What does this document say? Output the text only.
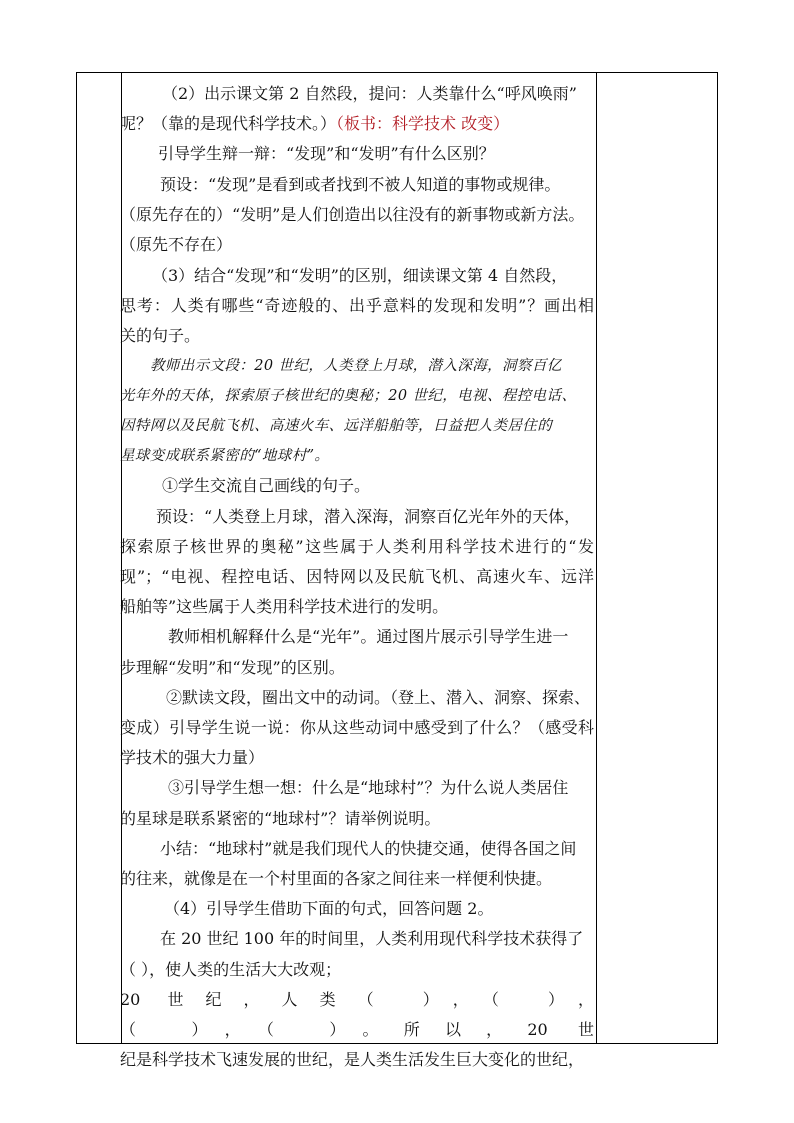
（2）出示课文第 2 自然段，提问：人类靠什么“呼风唤雨”
呢？（靠的是现代科学技术。）（板书：科学技术 改变）
引导学生辩一辩：“发现”和“发明”有什么区别？
预设：“发现”是看到或者找到不被人知道的事物或规律。
（原先存在的）“发明”是人们创造出以往没有的新事物或新方法。
（原先不存在）
（3）结合“发现”和“发明”的区别，细读课文第 4 自然段，
思考：人类有哪些“奇迹般的、出乎意料的发现和发明”？画出相
关的句子。
教师出示文段：20 世纪，人类登上月球，潜入深海，洞察百亿
光年外的天体，探索原子核世纪的奥秘；20 世纪，电视、程控电话、
因特网以及民航飞机、高速火车、远洋船舶等，日益把人类居住的
星球变成联系紧密的“地球村”。
①学生交流自己画线的句子。
预设：“人类登上月球，潜入深海，洞察百亿光年外的天体，
探索原子核世界的奥秘”这些属于人类利用科学技术进行的“发
现”；“电视、程控电话、因特网以及民航飞机、高速火车、远洋
船舶等”这些属于人类用科学技术进行的发明。
教师相机解释什么是“光年”。通过图片展示引导学生进一
步理解“发明”和“发现”的区别。
②默读文段，圈出文中的动词。（登上、潜入、洞察、探索、
变成）引导学生说一说：你从这些动词中感受到了什么？（感受科
学技术的强大力量）
③引导学生想一想：什么是“地球村”？为什么说人类居住
的星球是联系紧密的“地球村”？请举例说明。
小结：“地球村”就是我们现代人的快捷交通，使得各国之间
的往来，就像是在一个村里面的各家之间往来一样便利快捷。
（4）引导学生借助下面的句式，回答问题 2。
在 20 世纪 100 年的时间里，人类利用现代科学技术获得了
（ ），使人类的生活大大改观；
20 世纪，人类（ ），（ ），
（ ），（ ）。所以，20 世
纪是科学技术飞速发展的世纪，是人类生活发生巨大变化的世纪，
